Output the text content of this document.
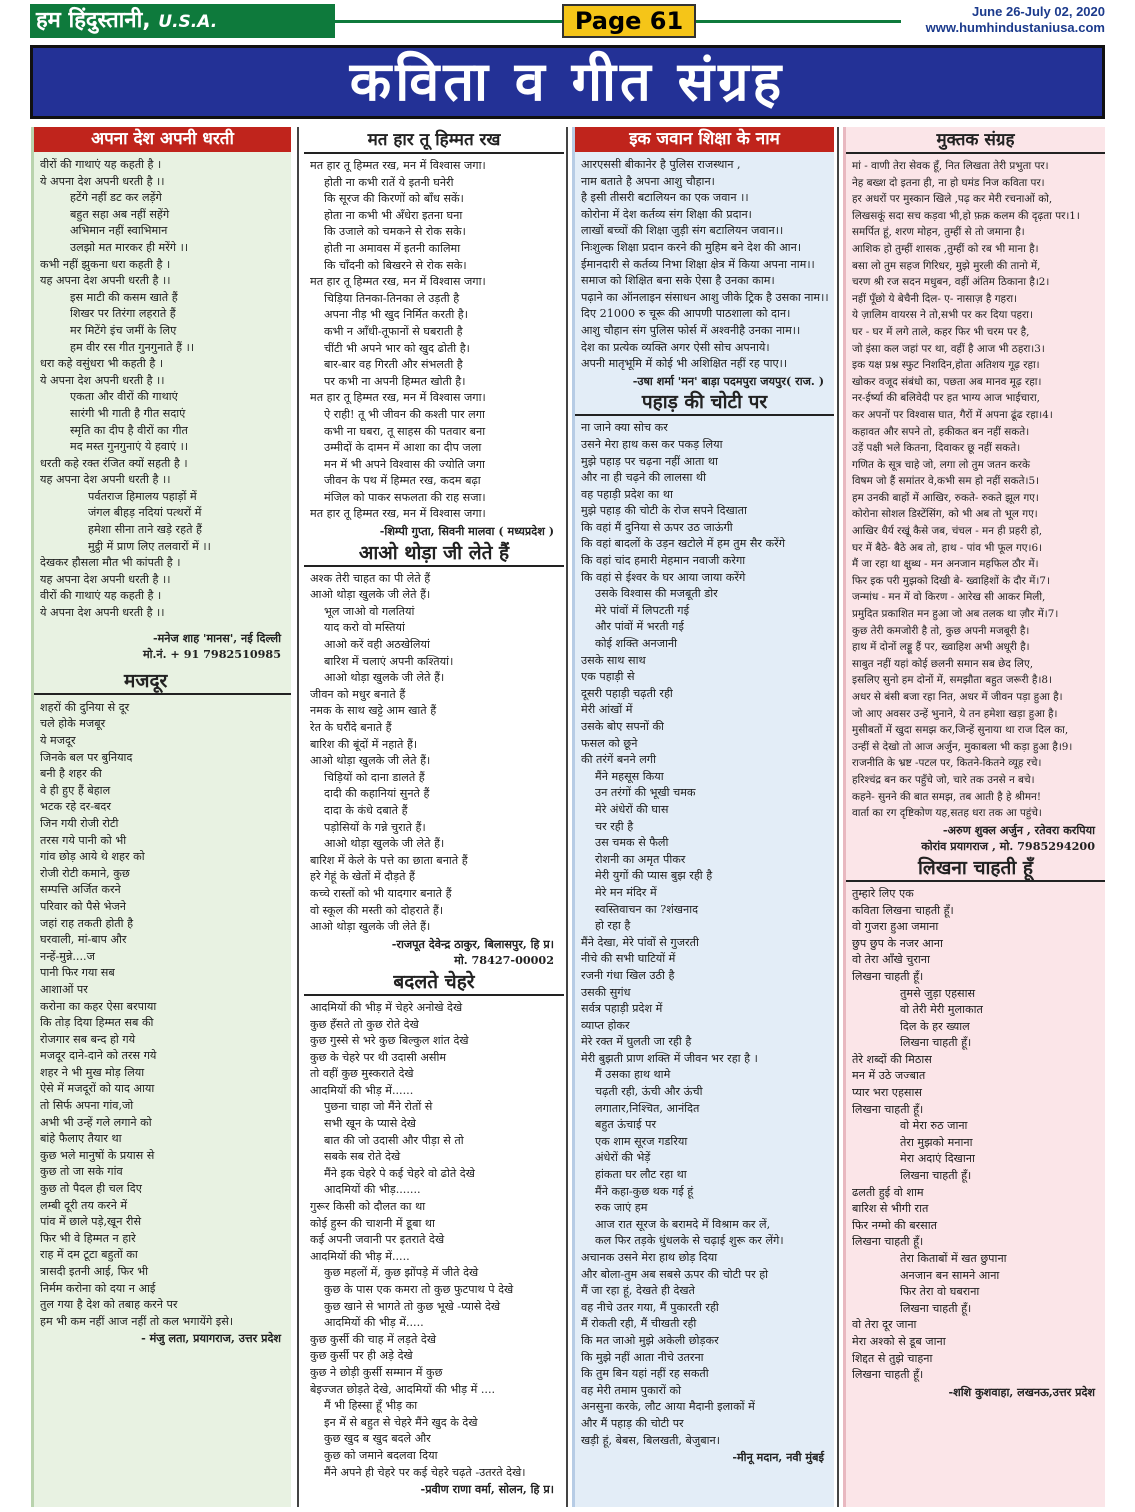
हम हिंदुस्तानी, U.S.A.	Page 61	June 26-July 02, 2020
www.humhindustaniusa.com
कविता व गीत संग्रह
अपना देश अपनी धरती
वीरों की गाथाएं यह कहती है ।
ये अपना देश अपनी धरती है ।।
हटेंगे नहीं डट कर लड़ेंगे
बहुत सहा अब नहीं सहेंगे
अभिमान नहीं स्वाभिमान
उलझो मत मारकर ही मरेंगे ।।
कभी नहीं झुकना धरा कहती है ।
यह अपना देश अपनी धरती है ।।
इस माटी की कसम खाते हैं
शिखर पर तिरंगा लहराते हैं
मर मिटेंगे इंच जमीं के लिए
हम वीर रस गीत गुनगुनाते हैं ।।
धरा कहे वसुंधरा भी कहती है ।
ये अपना देश अपनी धरती है ।।
एकता और वीरों की गाथाएं
सारंगी भी गाती है गीत सदाएं
स्मृति का दीप है वीरों का गीत
मद मस्त गुनगुनाएं ये हवाएं ।।
धरती कहे रक्त रंजित क्यों सहती है ।
यह अपना देश अपनी धरती है ।।
पर्वतराज हिमालय पहाड़ों में
जंगल बीहड़ नदियां पत्थरों में
हमेशा सीना ताने खड़े रहते हैं
मुट्ठी में प्राण लिए तलवारों में ।।
देखकर हौसला मौत भी कांपती है ।
यह अपना देश अपनी धरती है ।।
वीरों की गाथाएं यह कहती है ।
ये अपना देश अपनी धरती है ।।
-मनेज शाह 'मानस', नई दिल्ली
मो.नं. + 91 7982510985
मजदूर
शहरों की दुनिया से दूर
चले होके मजबूर
ये मजदूर
जिनके बल पर बुनियाद
बनी है शहर की
वे ही हुए हैं बेहाल
भटक रहे दर-बदर
जिन गयी रोजी रोटी
तरस गये पानी को भी
गांव छोड़ आये थे शहर को
रोजी रोटी कमाने, कुछ
सम्पत्ति अर्जित करने
परिवार को पैसे भेजने
जहां राह तकती होती है
घरवाली, मां-बाप और
नन्हें-मुन्ने....ज
पानी फिर गया सब
आशाओं पर
करोना का कहर ऐसा बरपाया
कि तोड़ दिया हिम्मत सब की
रोजगार सब बन्द हो गये
मजदूर दाने-दाने को तरस गये
शहर ने भी मुख मोड़ लिया
ऐसे में मजदूरों को याद आया
तो सिर्फ अपना गांव,जो
अभी भी उन्हें गले लगाने को
बांहे फैलाए तैयार था
कुछ भले मानुषों के प्रयास से
कुछ तो जा सके गांव
कुछ तो पैदल ही चल दिए
लम्बी दूरी तय करने में
पांव में छाले पड़े,खून रीसे
फिर भी वे हिम्मत न हारे
राह में दम टूटा बहुतों का
त्रासदी इतनी आई, फिर भी
निर्मम करोना को दया न आई
तुल गया है देश को तबाह करने पर
हम भी कम नहीं आज नहीं तो कल भगायेंगे इसे।
- मंजु लता, प्रयागराज, उत्तर प्रदेश
मत हार तू हिम्मत रख
मत हार तू हिम्मत रख, मन में विश्वास जगा।
होती ना कभी रातें ये इतनी घनेरी
कि सूरज की किरणों को बाँध सकें।
होता ना कभी भी अँधेरा इतना घना
कि उजाले को चमकने से रोक सके।
होती ना अमावस में इतनी कालिमा
कि चाँदनी को बिखरने से रोक सके।
मत हार तू हिम्मत रख, मन में विश्वास जगा।
चिड़िया तिनका-तिनका ले उड़ती है
अपना नीड़ भी खुद निर्मित करती है।
कभी न आँधी-तूफानों से घबराती है
चींटी भी अपने भार को खुद ढोती है।
बार-बार वह गिरती और संभलती है
पर कभी ना अपनी हिम्मत खोती है।
मत हार तू हिम्मत रख, मन में विश्वास जगा।
ऐ राही! तू भी जीवन की कश्ती पार लगा
कभी ना घबरा, तू साहस की पतवार बना
उम्मीदों के दामन में आशा का दीप जला
मन में भी अपने विश्वास की ज्योति जगा
जीवन के पथ में हिम्मत रख, कदम बढ़ा
मंजिल को पाकर सफलता की राह सजा।
मत हार तू हिम्मत रख, मन में विश्वास जगा।
-शिम्पी गुप्ता, सिवनी मालवा ( मध्यप्रदेश )
आओ थोड़ा जी लेते हैं
अश्क तेरी चाहत का पी लेते हैं
आओ थोड़ा खुलके जी लेते हैं।
भूल जाओ वो गलतियां
याद करो वो मस्तियां
आओ करें वही अठखेलियां
बारिश में चलाएं अपनी कश्तियां।
आओ थोड़ा खुलके जी लेते हैं।
जीवन को मधुर बनाते हैं
नमक के साथ खट्टे आम खाते हैं
रेत के घरौंदे बनाते हैं
बारिश की बूंदों में नहाते हैं।
आओ थोड़ा खुलके जी लेते हैं।
चिड़ियों को दाना डालते हैं
दादी की कहानियां सुनते हैं
दादा के कंधे दबाते हैं
पड़ोसियों के गन्ने चुराते हैं।
आओ थोड़ा खुलके जी लेते हैं।
बारिश में केले के पत्ते का छाता बनाते हैं
हरे गेहूं के खेतों में दौड़ते हैं
कच्चे रास्तों को भी यादगार बनाते हैं
वो स्कूल की मस्ती को दोहराते हैं।
आओ थोड़ा खुलके जी लेते हैं।
-राजपूत देवेन्द्र ठाकुर, बिलासपुर, हि प्र।
मो. 78427-00002
बदलते चेहरे
आदमियों की भीड़ में चेहरे अनोखे देखे
कुछ हँसते तो कुछ रोते देखे
कुछ गुस्से से भरे कुछ बिल्कुल शांत देखे
कुछ के चेहरे पर थी उदासी असीम
तो वहीं कुछ मुस्कराते देखे
आदमियों की भीड़ में......
पुछना चाहा जो मैंने रोतों से
सभी खून के प्यासे देखे
बात की जो उदासी और पीड़ा से तो
सबके सब रोते देखे
मैंने इक चेहरे पे कई चेहरे वो ढोते देखे
आदमियों की भीड़.......
गुरूर किसी को दौलत का था
कोई हुस्न की चाशनी में डूबा था
कई अपनी जवानी पर इतराते देखे
आदमियों की भीड़ में.....
कुछ महलों में, कुछ झोंपड़े में जीते देखे
कुछ के पास एक कमरा तो कुछ फुटपाथ पे देखे
कुछ खाने से भागते तो कुछ भूखे -प्यासे देखे
आदमियों की भीड़ में.....
कुछ कुर्सी की चाह में लड़ते देखे
कुछ कुर्सी पर ही अड़े देखे
कुछ ने छोड़ी कुर्सी सम्मान में कुछ
बेइज्जत छोड़ते देखे, आदमियों की भीड़ में ....
मैं भी हिस्सा हूँ भीड़ का
इन में से बहुत से चेहरे मैंने खुद के देखे
कुछ खुद ब खुद बदले और
कुछ को जमाने बदलवा दिया
मैंने अपने ही चेहरे पर कई चेहरे चढ़ते -उतरते देखे।
-प्रवीण राणा वर्मा, सोलन, हि प्र।
इक जवान शिक्षा के नाम
आरएससी बीकानेर है पुलिस राजस्थान ,
नाम बताते है अपना आशु चौहान।
है इसी तीसरी बटालियन का एक जवान ।।
कोरोना में देश कर्तव्य संग शिक्षा की प्रदान।
लाखों बच्चों की शिक्षा जुड़ी संग बटालियन जवान।।
निःशुल्क शिक्षा प्रदान करने की मुहिम बने देश की आन।
ईमानदारी से कर्तव्य निभा शिक्षा क्षेत्र में किया अपना नाम।।
समाज को शिक्षित बना सके ऐसा है उनका काम।
पढ़ाने का ऑनलाइन संसाधन आशु जीके ट्रिक है उसका नाम।।
दिए 21000 रु चूरू की आपणी पाठशाला को दान।
आशु चौहान संग पुलिस फोर्स में अश्वनीहै उनका नाम।।
देश का प्रत्येक व्यक्ति अगर ऐसी सोच अपनाये।
अपनी मातृभूमि में कोई भी अशिक्षित नहीं रह पाए।।
-उषा शर्मा 'मन' बाड़ा पदमपुरा जयपुर( राज. )
पहाड़ की चोटी पर
ना जाने क्या सोच कर
उसने मेरा हाथ कस कर पकड़ लिया
मुझे पहाड़ पर चढ़ना नहीं आता था
और ना ही चढ़ने की लालसा थी
वह पहाड़ी प्रदेश का था
मुझे पहाड़ की चोटी के रोज सपने दिखाता
कि वहां मैं दुनिया से ऊपर उठ जाऊंगी
कि वहां बादलों के उड़न खटोले में हम तुम सैर करेंगे
कि वहां चांद हमारी मेहमान नवाजी करेगा
कि वहां से ईश्वर के घर आया जाया करेंगे
उसके विश्वास की मजबूती डोर
मेरे पांवों में लिपटती गई
और पांवों में भरती गई
कोई शक्ति अनजानी
उसके साथ साथ
एक पहाड़ी से
दूसरी पहाड़ी चढ़ती रही
मेरी आंखों में
उसके बोए सपनों की
फसल को छूने
की तरंगें बनने लगी
मैंने महसूस किया
उन तरंगों की भूखी चमक
मेरे अंधेरों की घास
चर रही है
उस चमक से फैली
रोशनी का अमृत पीकर
मेरी युगों की प्यास बुझ रही है
मेरे मन मंदिर में
स्वस्तिवाचन का ?शंखनाद
हो रहा है
मैंने देखा, मेरे पांवों से गुजरती
नीचे की सभी घाटियों में
रजनी गंधा खिल उठी है
उसकी सुगंध
सर्वत्र पहाड़ी प्रदेश में
व्याप्त होकर
मेरे रक्त में घुलती जा रही है
मेरी बुझती प्राण शक्ति में जीवन भर रहा है ।
मैं उसका हाथ थामे
चढ़ती रही, ऊंची और ऊंची
लगातार,निश्चित, आनंदित
बहुत ऊंचाई पर
एक शाम सूरज गडरिया
अंधेरों की भेड़ें
हांकता घर लौट रहा था
मैंने कहा-कुछ थक गई हूं
रुक जाएं हम
आज रात सूरज के बरामदे में विश्राम कर लें,
कल फिर तड़के धुंधलके से चढ़ाई शुरू कर लेंगे।
अचानक उसने मेरा हाथ छोड़ दिया
और बोला-तुम अब सबसे ऊपर की चोटी पर हो
मैं जा रहा हूं, देखते ही देखते
वह नीचे उतर गया, मैं पुकारती रही
मैं रोकती रही, मैं चीखती रही
कि मत जाओ मुझे अकेली छोड़कर
कि मुझे नहीं आता नीचे उतरना
कि तुम बिन यहां नहीं रह सकती
वह मेरी तमाम पुकारों को
अनसुना करके, लौट आया मैदानी इलाकों में
और मैं पहाड़ की चोटी पर
खड़ी हूं, बेबस, बिलखती, बेजुबान।
-मीनू मदान, नवी मुंबई
मुक्तक संग्रह
मां - वाणी तेरा सेवक हूँ, नित लिखता तेरी प्रभुता पर।
नेह बख्श दो इतना ही, ना हो घमंड निज कविता पर।
हर अधरों पर मुस्कान खिले ,पढ़ कर मेरी रचनाओं को,
लिखसकूं सदा सच कड़वा भी,हो फ़क़ कलम की दृढ़ता पर।1।
समर्पित हूं, शरण मोहन, तुम्हीं से तो जमाना है।
आशिक हो तुम्हीं शासक ,तुम्हीं को रब भी माना है।
बसा लो तुम सहज गिरिधर, मुझे मुरली की तानो में,
चरण श्री रज सदन मधुबन, वहीं अंतिम ठिकाना है।2।
नहीं पूँछो ये बेचैनी दिल- ए- नासाज़ है गहरा।
ये ज़ालिम वायरस ने तो,सभी पर कर दिया पहरा।
घर - घर में लगे ताले, कहर फिर भी चरम पर है,
जो इंसा कल जहां पर था, वहीं है आज भी ठहरा।3।
इक यक्ष प्रश्न स्फुट निशदिन,होता अतिशय गूढ़ रहा।
खोकर वजूद संबंधो का, पछता अब मानव मूढ़ रहा।
नर-ईर्ष्या की बलिवेदी पर हत भाग्य आज भाईचारा,
कर अपनों पर विश्वास घात, गैरों में अपना ढूंढ रहा।4।
कहावत और सपने तो, हकीकत बन नहीं सकते।
उड़ें पक्षी भले कितना, दिवाकर छू नहीं सकते।
गणित के सूत्र चाहे जो, लगा लो तुम जतन करके
विषम जो हैं समांतर वे,कभी सम हो नहीं सकते।5।
हम उनकी बाहों में आखिर, रुकते- रुकते झूल गए।
कोरोना सोशल डिस्टेंसिंग, को भी अब तो भूल गए।
आखिर धैर्य रखूं कैसे जब, चंचल - मन ही प्रहरी हो,
घर में बैठे- बैठे अब तो, हाथ - पांव भी फूल गए।6।
मैं जा रहा था क्षुब्ध - मन अनजान महफिल ठौर में।
फिर इक परी मुझको दिखी बे- ख्वाहिशों के दौर में।7।
जन्मांध - मन में वो किरण - आरेख सी आकर मिली,
प्रमुदित प्रकाशित मन हुआ जो अब तलक था ज़ौर में।7।
कुछ तेरी कमजोरी है तो, कुछ अपनी मजबूरी है।
हाथ में दोनों लड्डू हैं पर, ख्वाहिश अभी अधूरी है।
साबुत नहीं यहां कोई छलनी समान सब छेद लिए,
इसलिए सुनो हम दोनों में, समझौता बहुत जरूरी है।8।
अधर से बंसी बजा रहा नित, अधर में जीवन पड़ा हुआ है।
जो आए अवसर उन्हें भुनाने, ये तन हमेशा खड़ा हुआ है।
मुसीबतों में खुदा समझ कर,जिन्हें सुनाया था राज दिल का,
उन्हीं से देखो तो आज अर्जुन, मुकाबला भी कड़ा हुआ है।9।
राजनीति के भ्रष्ट -पटल पर, कितने-कितने व्यूह रचे।
हरिश्चंद्र बन कर पहुँचे जो, चारे तक उनसे न बचे।
कहने- सुनने की बात समझ, तब आती है हे श्रीमन!
वार्ता का रग दृष्टिकोण यह,सतह धरा तक आ पहुंचे।
-अरुण शुक्ल अर्जुन , रतेवरा करपिया
कोरांव प्रयागराज , मो. 7985294200
लिखना चाहती हूँ
तुम्हारे लिए एक
कविता लिखना चाहती हूँ।
वो गुजरा हुआ जमाना
छुप छुप के नजर आना
वो तेरा आँखे चुराना
लिखना चाहती हूँ।
तुमसे जुड़ा एहसास
वो तेरी मेरी मुलाकात
दिल के हर ख्याल
लिखना चाहती हूँ।
तेरे शब्दों की मिठास
मन में उठे जज्बात
प्यार भरा एहसास
लिखना चाहती हूँ।
वो मेरा रुठ जाना
तेरा मुझको मनाना
मेरा अदाएं दिखाना
लिखना चाहती हूँ।
ढलती हुई वो शाम
बारिश से भीगी रात
फिर नग्मो की बरसात
लिखना चाहती हूँ।
तेरा किताबों में खत छुपाना
अनजान बन सामने आना
फिर तेरा वो घबराना
लिखना चाहती हूँ।
वो तेरा दूर जाना
मेरा अश्को से डूब जाना
शिद्दत से तुझे चाहना
लिखना चाहती हूँ।
-शशि कुशवाहा, लखनऊ,उत्तर प्रदेश
